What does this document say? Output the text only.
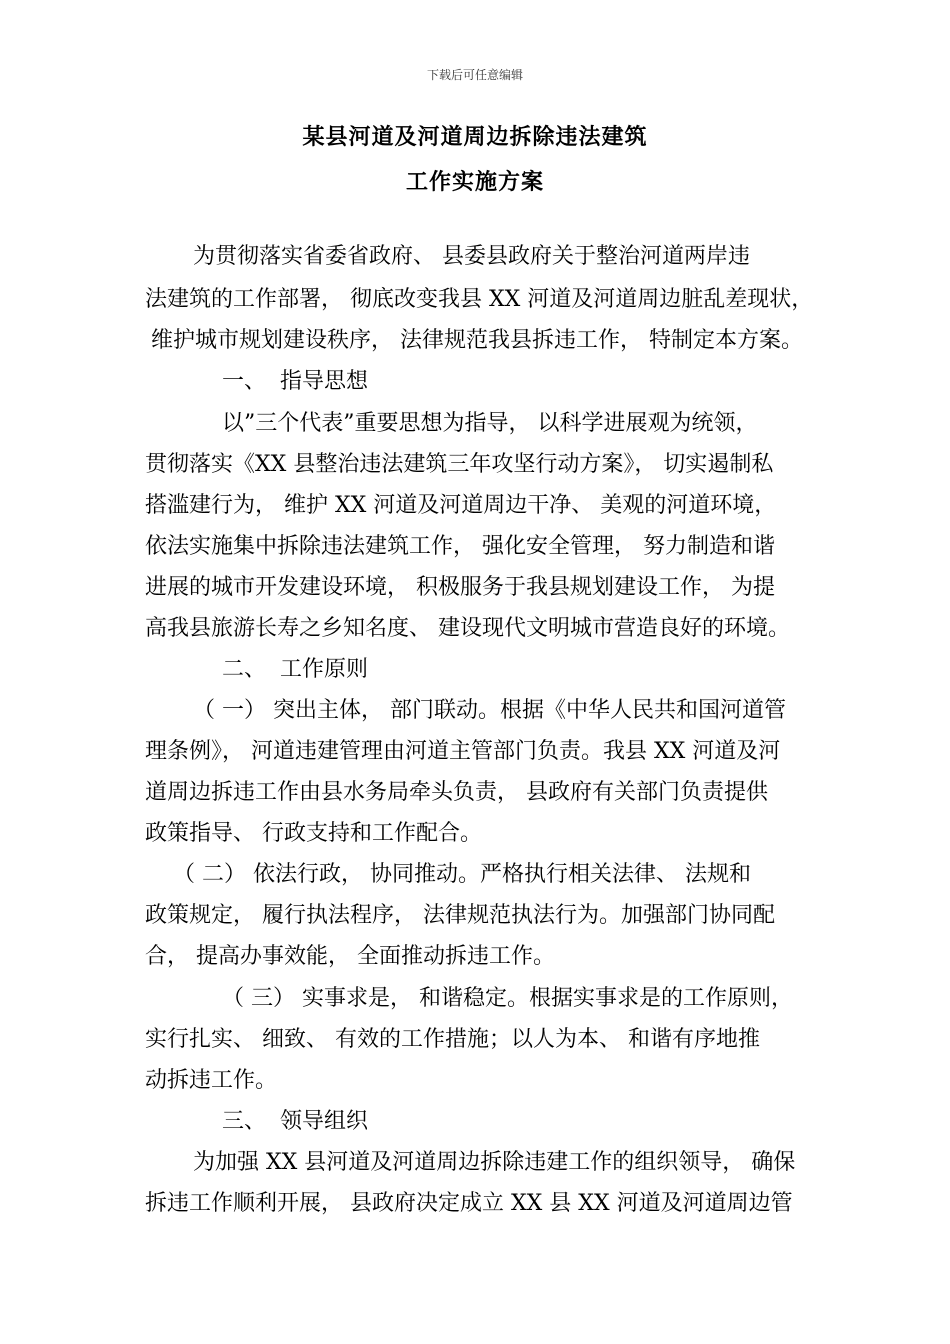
下载后可任意编辑
某县河道及河道周边拆除违法建筑
工作实施方案
为贯彻落实省委省政府、 县委县政府关于整治河道两岸违
法建筑的工作部署， 彻底改变我县 XX 河道及河道周边脏乱差现状，
维护城市规划建设秩序， 法律规范我县拆违工作， 特制定本方案。
一、  指导思想
以”三个代表”重要思想为指导， 以科学进展观为统领，
贯彻落实《XX 县整治违法建筑三年攻坚行动方案》， 切实遏制私
搭滥建行为， 维护 XX 河道及河道周边干净、 美观的河道环境，
依法实施集中拆除违法建筑工作， 强化安全管理， 努力制造和谐
进展的城市开发建设环境， 积极服务于我县规划建设工作， 为提
高我县旅游长寿之乡知名度、 建设现代文明城市营造良好的环境。
二、  工作原则
（ 一） 突出主体， 部门联动。根据《中华人民共和国河道管
理条例》， 河道违建管理由河道主管部门负责。我县 XX 河道及河
道周边拆违工作由县水务局牵头负责， 县政府有关部门负责提供
政策指导、 行政支持和工作配合。
（ 二） 依法行政， 协同推动。严格执行相关法律、 法规和
政策规定， 履行执法程序， 法律规范执法行为。加强部门协同配
合， 提高办事效能， 全面推动拆违工作。
（ 三） 实事求是， 和谐稳定。根据实事求是的工作原则，
实行扎实、 细致、 有效的工作措施；以人为本、 和谐有序地推
动拆违工作。
三、  领导组织
为加强 XX 县河道及河道周边拆除违建工作的组织领导， 确保
拆违工作顺利开展， 县政府决定成立 XX 县 XX 河道及河道周边管
